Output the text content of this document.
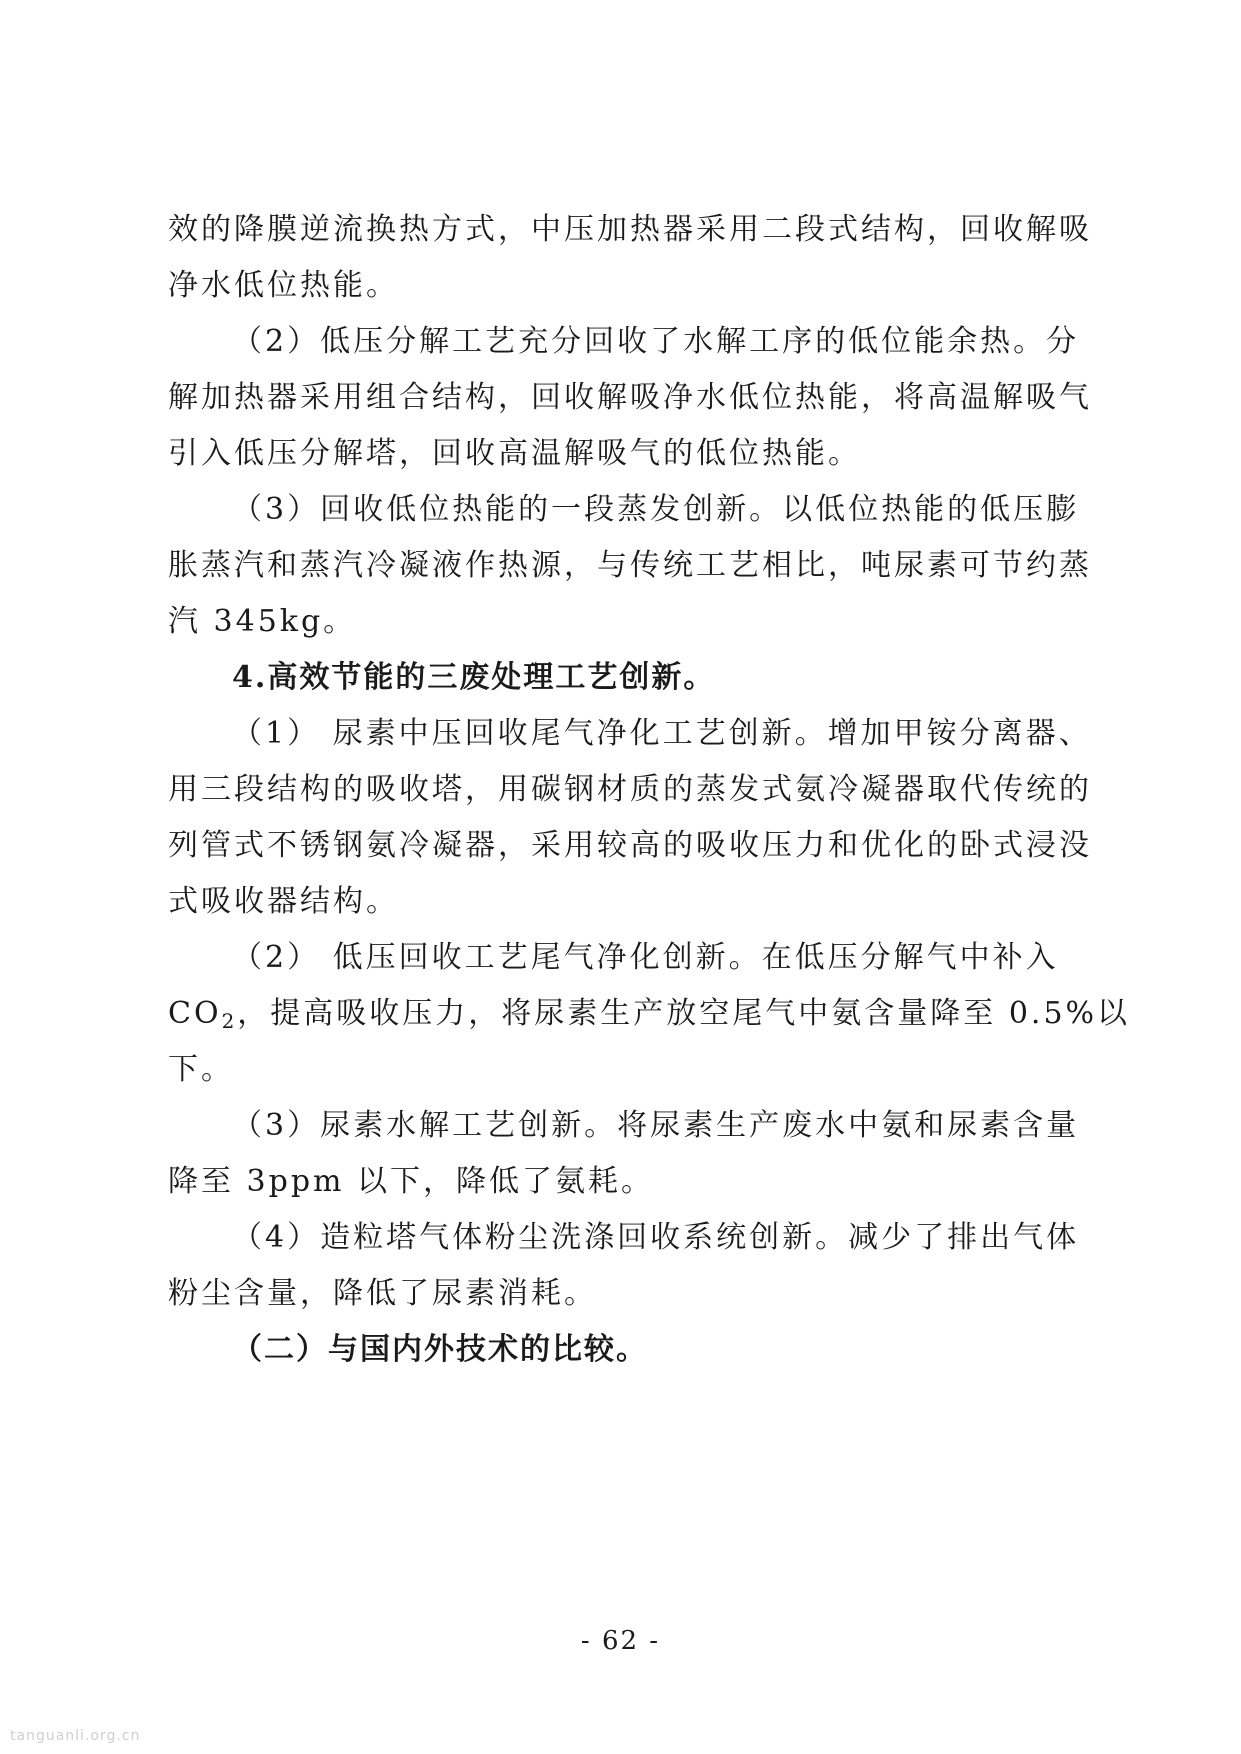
效的降膜逆流换热方式，中压加热器采用二段式结构，回收解吸
净水低位热能。
（2）低压分解工艺充分回收了水解工序的低位能余热。分
解加热器采用组合结构，回收解吸净水低位热能，将高温解吸气
引入低压分解塔，回收高温解吸气的低位热能。
（3）回收低位热能的一段蒸发创新。以低位热能的低压膨
胀蒸汽和蒸汽冷凝液作热源，与传统工艺相比，吨尿素可节约蒸
汽 345kg。
4.高效节能的三废处理工艺创新。
（1） 尿素中压回收尾气净化工艺创新。增加甲铵分离器、
用三段结构的吸收塔，用碳钢材质的蒸发式氨冷凝器取代传统的
列管式不锈钢氨冷凝器，采用较高的吸收压力和优化的卧式浸没
式吸收器结构。
（2） 低压回收工艺尾气净化创新。在低压分解气中补入
$CO_2$，提高吸收压力，将尿素生产放空尾气中氨含量降至 0.5%以
下。
（3）尿素水解工艺创新。将尿素生产废水中氨和尿素含量
降至 3ppm 以下，降低了氨耗。
（4）造粒塔气体粉尘洗涤回收系统创新。减少了排出气体
粉尘含量，降低了尿素消耗。
（二）与国内外技术的比较。
- 62 -
tanguanli.org.cn
